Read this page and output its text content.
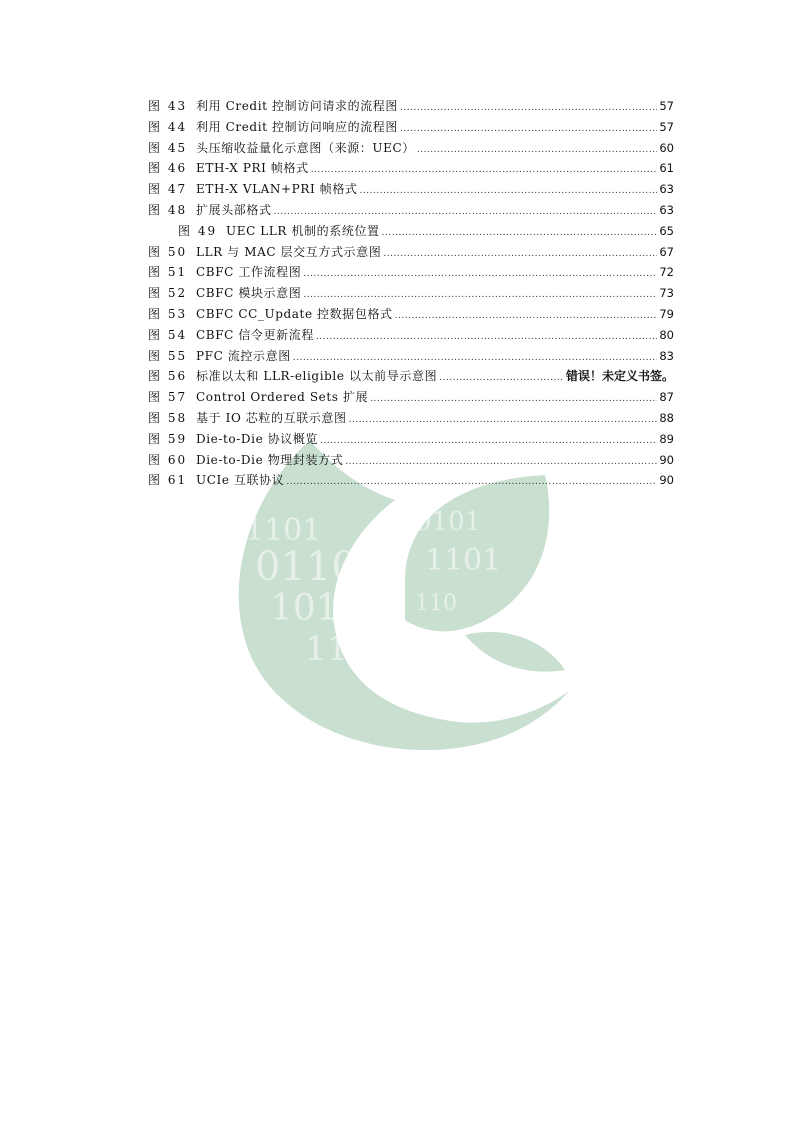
1101
0110
10101
0101
1101
1100
110
图 43 利用 Credit 控制访问请求的流程图 .....	57
图 44 利用 Credit 控制访问响应的流程图 .....	57
图 45 头压缩收益量化示意图（来源：UEC） .....	60
图 46 ETH-X PRI 帧格式 .....	61
图 47 ETH-X VLAN+PRI 帧格式 .....	63
图 48 扩展头部格式 .....	63
图 49 UEC LLR 机制的系统位置 .....	65
图 50 LLR 与 MAC 层交互方式示意图 .....	67
图 51 CBFC 工作流程图 .....	72
图 52 CBFC 模块示意图 .....	73
图 53 CBFC CC_Update 控数据包格式 .....	79
图 54 CBFC 信令更新流程 .....	80
图 55 PFC 流控示意图 .....	83
图 56 标准以太和 LLR-eligible 以太前导示意图 .....	错误！未定义书签。
图 57 Control Ordered Sets 扩展 .....	87
图 58 基于 IO 芯粒的互联示意图 .....	88
图 59 Die-to-Die 协议概览 .....	89
图 60 Die-to-Die 物理封装方式 .....	90
图 61 UCIe 互联协议 .....	90
